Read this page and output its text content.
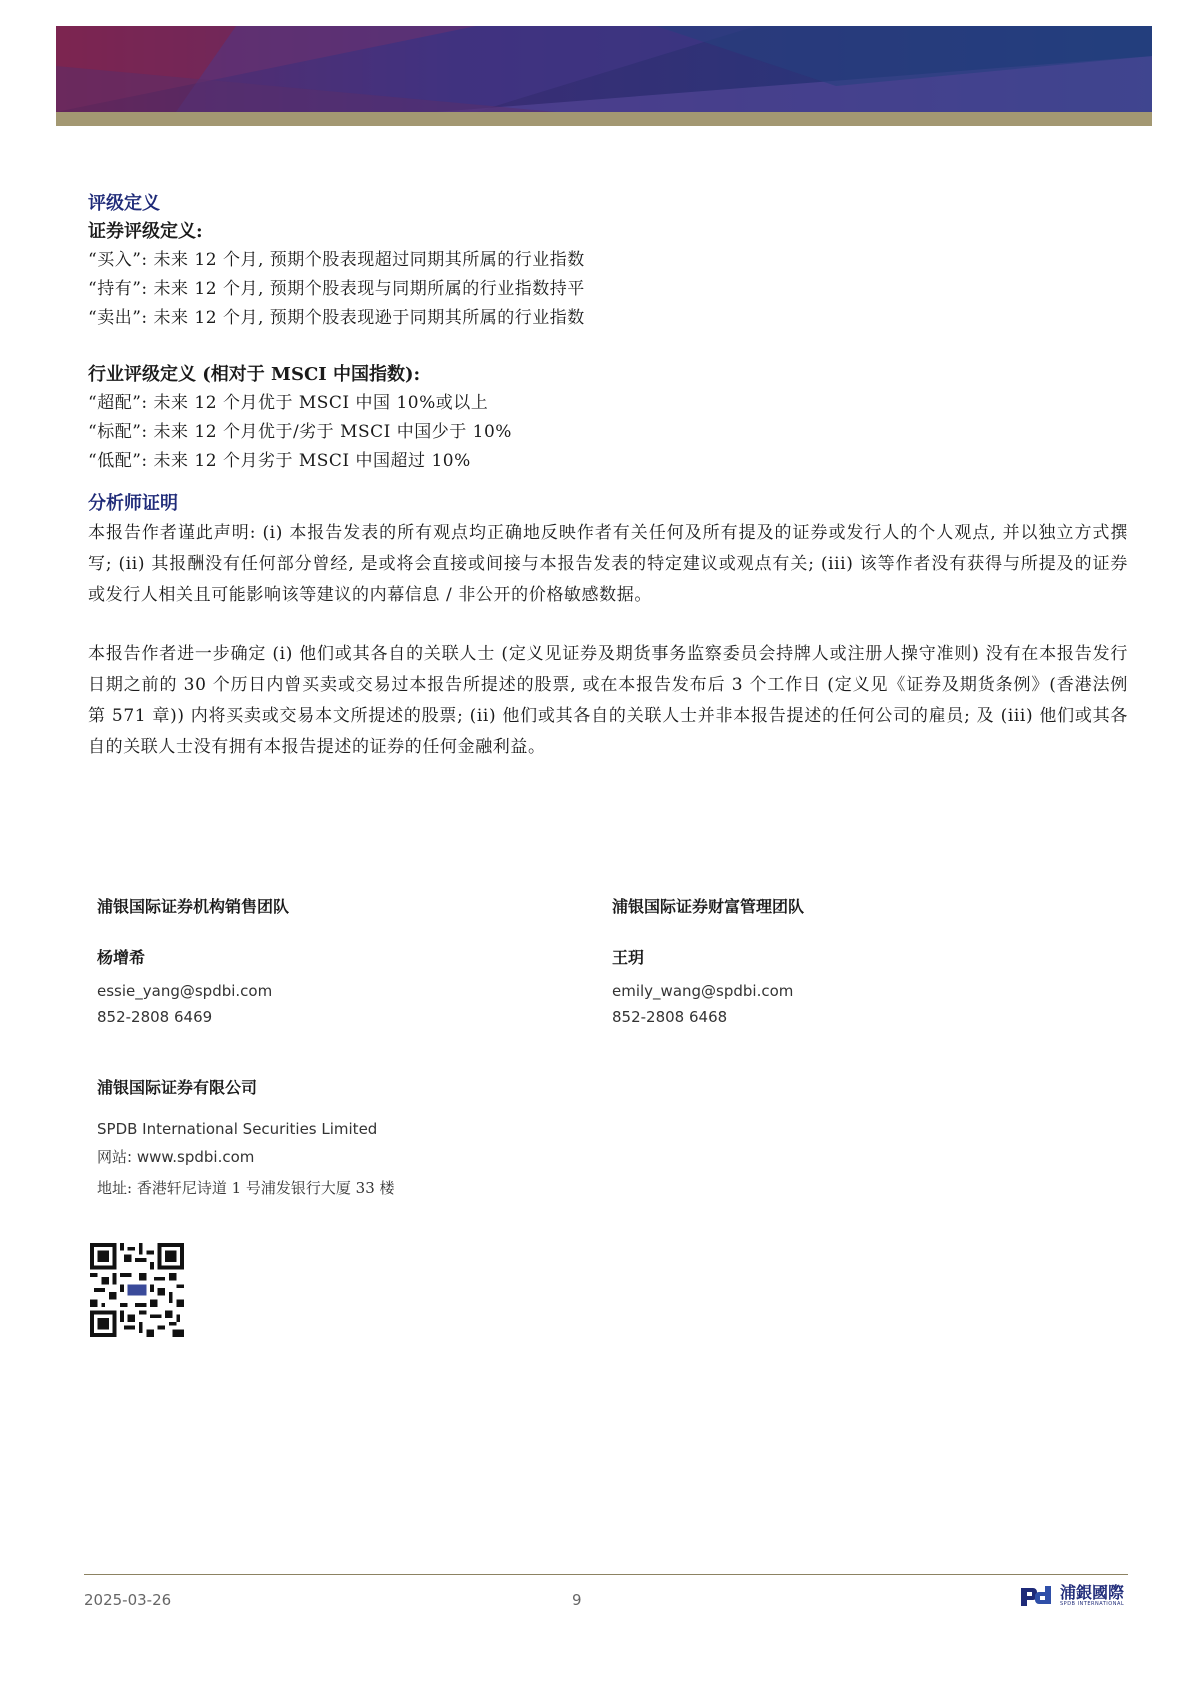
评级定义

证券评级定义:

“买入”: 未来 12 个月, 预期个股表现超过同期其所属的行业指数

“持有”: 未来 12 个月, 预期个股表现与同期所属的行业指数持平

“卖出”: 未来 12 个月, 预期个股表现逊于同期其所属的行业指数

行业评级定义 (相对于 MSCI 中国指数):

“超配”: 未来 12 个月优于 MSCI 中国 10%或以上

“标配”: 未来 12 个月优于/劣于 MSCI 中国少于 10%

“低配”: 未来 12 个月劣于 MSCI 中国超过 10%

分析师证明

本报告作者谨此声明: (i) 本报告发表的所有观点均正确地反映作者有关任何及所有提及的证券或发行人的个人观点, 并以独立方式撰写; (ii) 其报酬没有任何部分曾经, 是或将会直接或间接与本报告发表的特定建议或观点有关; (iii) 该等作者没有获得与所提及的证券或发行人相关且可能影响该等建议的内幕信息 / 非公开的价格敏感数据。

本报告作者进一步确定 (i) 他们或其各自的关联人士 (定义见证券及期货事务监察委员会持牌人或注册人操守准则) 没有在本报告发行日期之前的 30 个历日内曾买卖或交易过本报告所提述的股票, 或在本报告发布后 3 个工作日 (定义见《证券及期货条例》(香港法例第 571 章)) 内将买卖或交易本文所提述的股票; (ii) 他们或其各自的关联人士并非本报告提述的任何公司的雇员; 及 (iii) 他们或其各自的关联人士没有拥有本报告提述的证券的任何金融利益。

浦银国际证券机构销售团队

杨增希

essie_yang@spdbi.com

852-2808 6469

浦银国际证券财富管理团队

王玥

emily_wang@spdbi.com

852-2808 6468

浦银国际证券有限公司

SPDB International Securities Limited

网站: www.spdbi.com

地址: 香港轩尼诗道 1 号浦发银行大厦 33 楼

2025-03-26	9	浦銀國際
SPDB INTERNATIONAL
